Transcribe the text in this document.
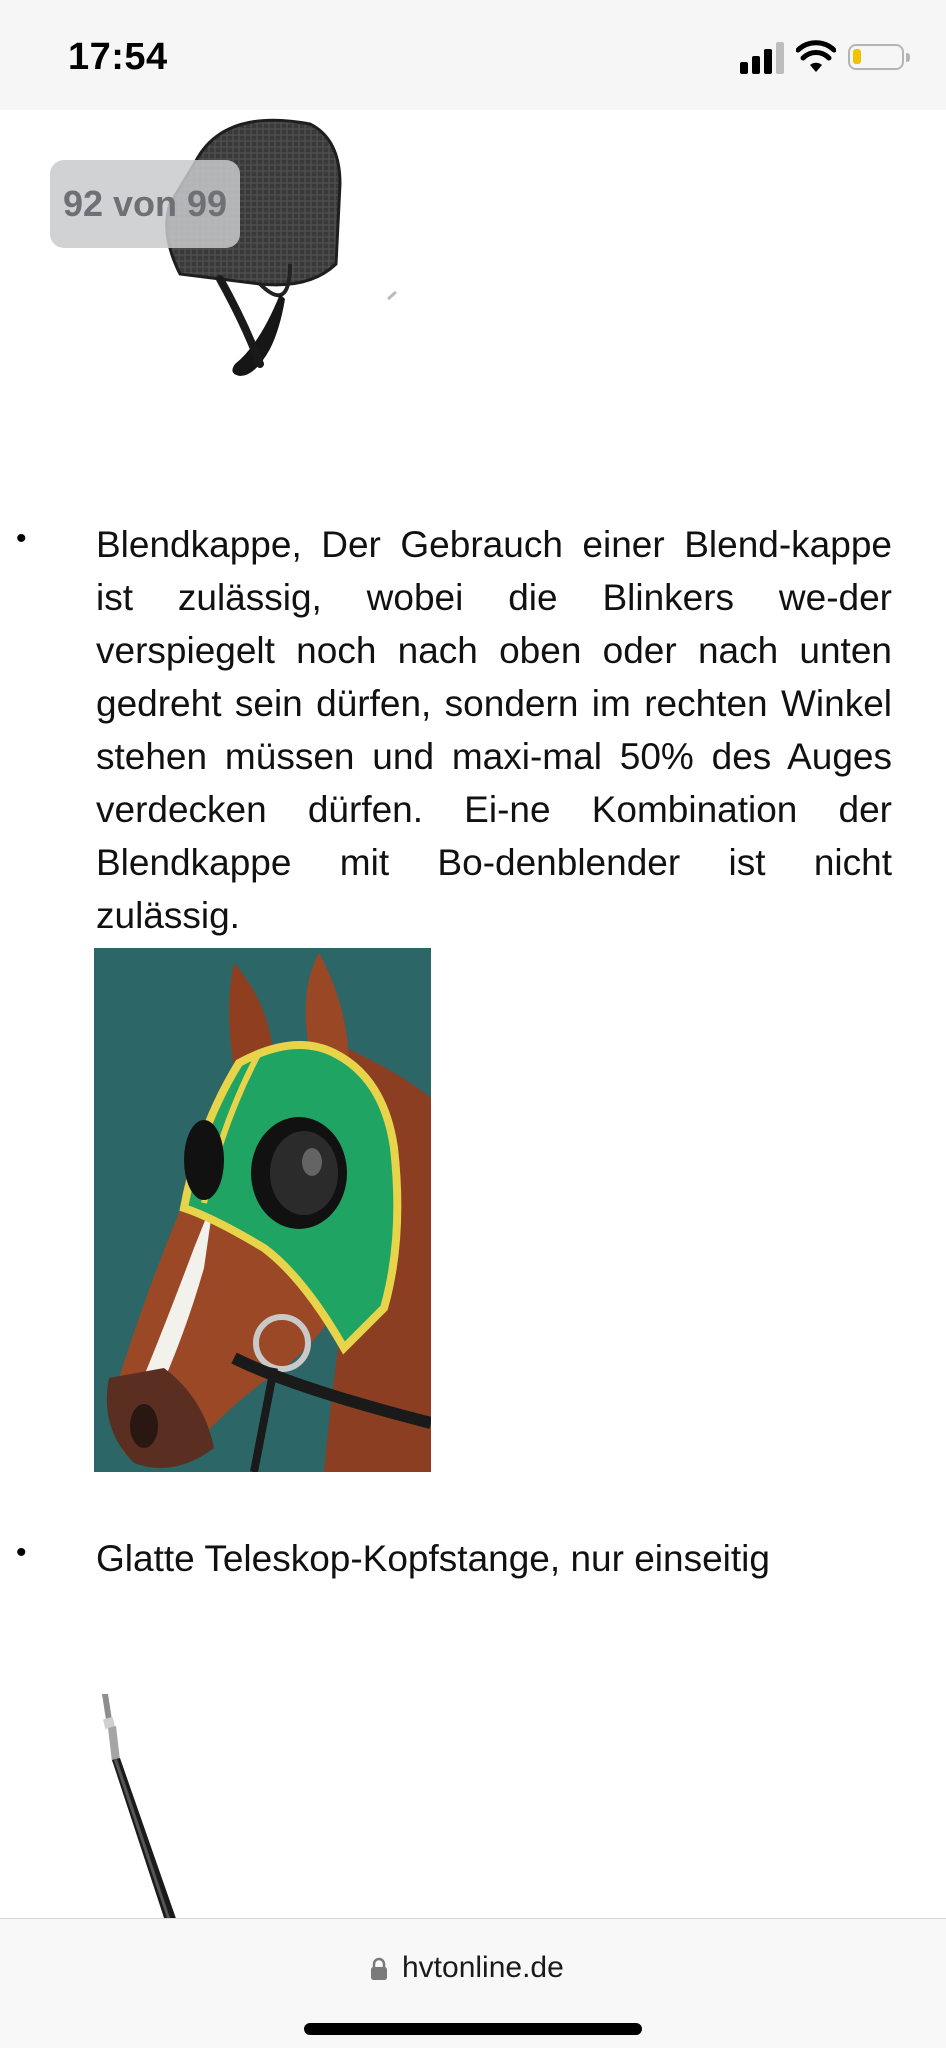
17:54
92 von 99
• Blendkappe, Der Gebrauch einer Blend-kappe ist zulässig, wobei die Blinkers we-der verspiegelt noch nach oben oder nach unten gedreht sein dürfen, sondern im rechten Winkel stehen müssen und maxi-mal 50% des Auges verdecken dürfen. Ei-ne Kombination der Blendkappe mit Bo-denblender ist nicht zulässig.
• Glatte Teleskop-Kopfstange, nur einseitig
hvtonline.de
